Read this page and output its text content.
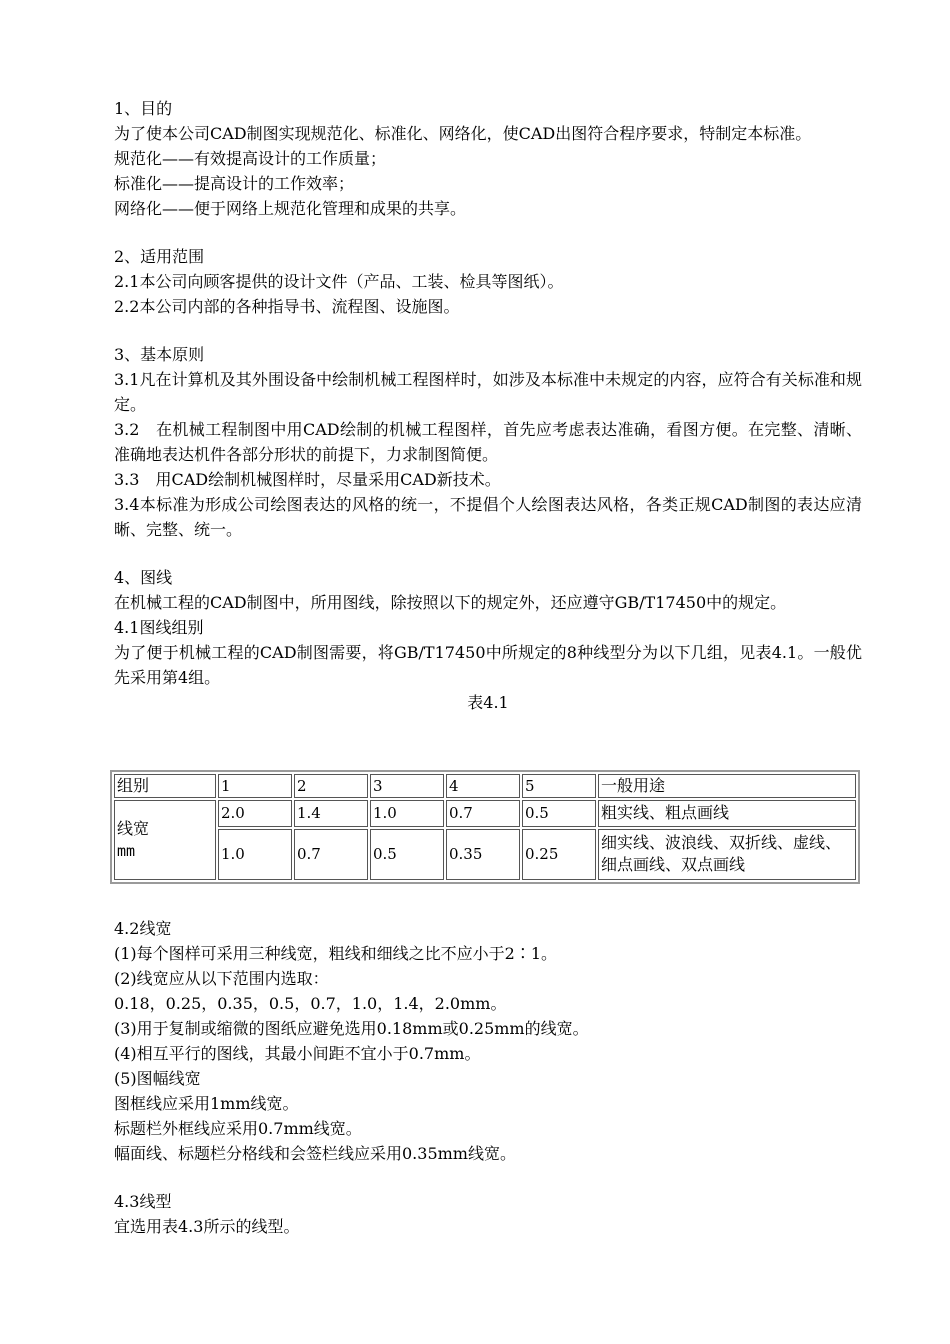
1、目的
为了使本公司CAD制图实现规范化、标准化、网络化，使CAD出图符合程序要求，特制定本标准。
规范化——有效提高设计的工作质量；
标准化——提高设计的工作效率；
网络化——便于网络上规范化管理和成果的共享。
2、适用范围
2.1本公司向顾客提供的设计文件（产品、工装、检具等图纸）。
2.2本公司内部的各种指导书、流程图、设施图。
3、基本原则
3.1凡在计算机及其外围设备中绘制机械工程图样时，如涉及本标准中未规定的内容，应符合有关标准和规定。
3.2　在机械工程制图中用CAD绘制的机械工程图样，首先应考虑表达准确，看图方便。在完整、清晰、准确地表达机件各部分形状的前提下，力求制图简便。
3.3　用CAD绘制机械图样时，尽量采用CAD新技术。
3.4本标准为形成公司绘图表达的风格的统一，不提倡个人绘图表达风格，各类正规CAD制图的表达应清晰、完整、统一。
4、图线
在机械工程的CAD制图中，所用图线，除按照以下的规定外，还应遵守GB/T17450中的规定。
4.1图线组别
为了便于机械工程的CAD制图需要，将GB/T17450中所规定的8种线型分为以下几组，见表4.1。一般优先采用第4组。
表4.1
组别	1	2	3	4	5	一般用途

线宽
mm	2.0	1.4	1.0	0.7	0.5	粗实线、粗点画线
	1.0	0.7	0.5	0.35	0.25	细实线、波浪线、双折线、虚线、细点画线、双点画线
4.2线宽
(1)每个图样可采用三种线宽，粗线和细线之比不应小于2∶1。
(2)线宽应从以下范围内选取：
0.18，0.25，0.35，0.5，0.7，1.0，1.4，2.0mm。
(3)用于复制或缩微的图纸应避免选用0.18mm或0.25mm的线宽。
(4)相互平行的图线，其最小间距不宜小于0.7mm。
(5)图幅线宽
图框线应采用1mm线宽。
标题栏外框线应采用0.7mm线宽。
幅面线、标题栏分格线和会签栏线应采用0.35mm线宽。
4.3线型
宜选用表4.3所示的线型。
